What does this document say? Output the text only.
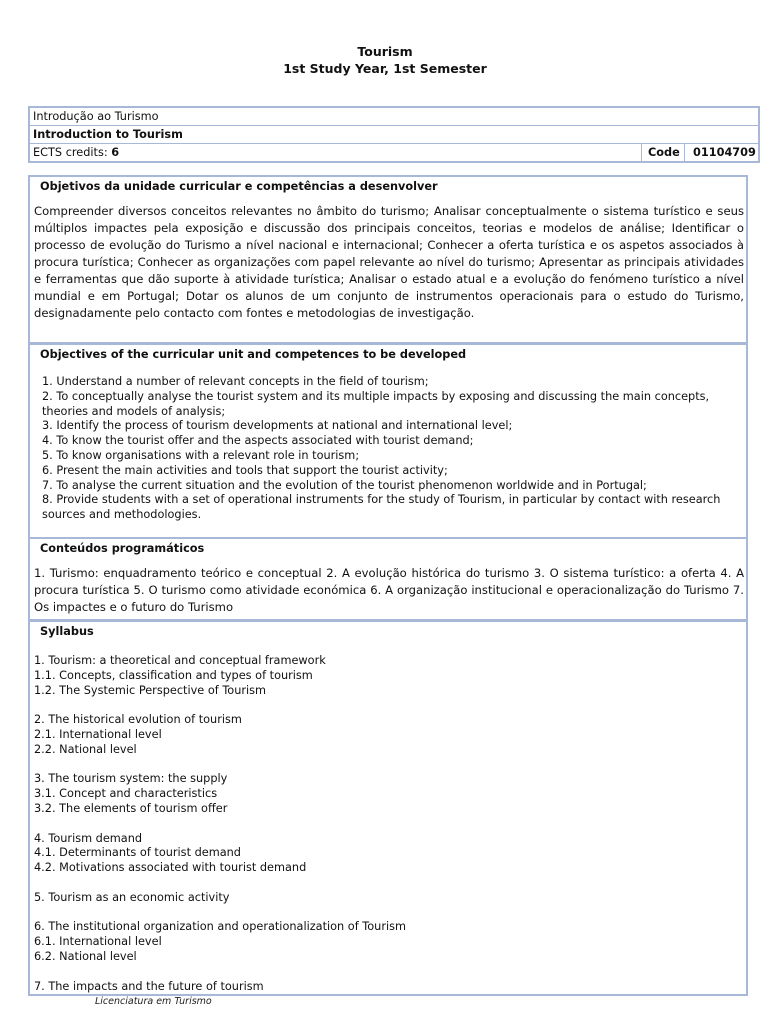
Tourism
1st Study Year, 1st Semester
Introdução ao Turismo
Introduction to Tourism
ECTS credits: 6	Code	01104709
Objetivos da unidade curricular e competências a desenvolver
Compreender diversos conceitos relevantes no âmbito do turismo; Analisar conceptualmente o sistema turístico e seus múltiplos impactes pela exposição e discussão dos principais conceitos, teorias e modelos de análise; Identificar o processo de evolução do Turismo a nível nacional e internacional; Conhecer a oferta turística e os aspetos associados à procura turística; Conhecer as organizações com papel relevante ao nível do turismo; Apresentar as principais atividades e ferramentas que dão suporte à atividade turística; Analisar o estado atual e a evolução do fenómeno turístico a nível mundial e em Portugal; Dotar os alunos de um conjunto de instrumentos operacionais para o estudo do Turismo, designadamente pelo contacto com fontes e metodologias de investigação.
Objectives of the curricular unit and competences to be developed
1. Understand a number of relevant concepts in the field of tourism;
2. To conceptually analyse the tourist system and its multiple impacts by exposing and discussing the main concepts, theories and models of analysis;
3. Identify the process of tourism developments at national and international level;
4. To know the tourist offer and the aspects associated with tourist demand;
5. To know organisations with a relevant role in tourism;
6. Present the main activities and tools that support the tourist activity;
7. To analyse the current situation and the evolution of the tourist phenomenon worldwide and in Portugal;
8. Provide students with a set of operational instruments for the study of Tourism, in particular by contact with research sources and methodologies.
Conteúdos programáticos
1. Turismo: enquadramento teórico e conceptual 2. A evolução histórica do turismo 3. O sistema turístico: a oferta 4. A procura turística 5. O turismo como atividade económica 6. A organização institucional e operacionalização do Turismo 7. Os impactes e o futuro do Turismo
Syllabus
1. Tourism: a theoretical and conceptual framework
1.1. Concepts, classification and types of tourism
1.2. The Systemic Perspective of Tourism
2. The historical evolution of tourism
2.1. International level
2.2. National level
3. The tourism system: the supply
3.1. Concept and characteristics
3.2. The elements of tourism offer
4. Tourism demand
4.1. Determinants of tourist demand
4.2. Motivations associated with tourist demand
5. Tourism as an economic activity
6. The institutional organization and operationalization of Tourism
6.1. International level
6.2. National level
7. The impacts and the future of tourism
Licenciatura em Turismo
